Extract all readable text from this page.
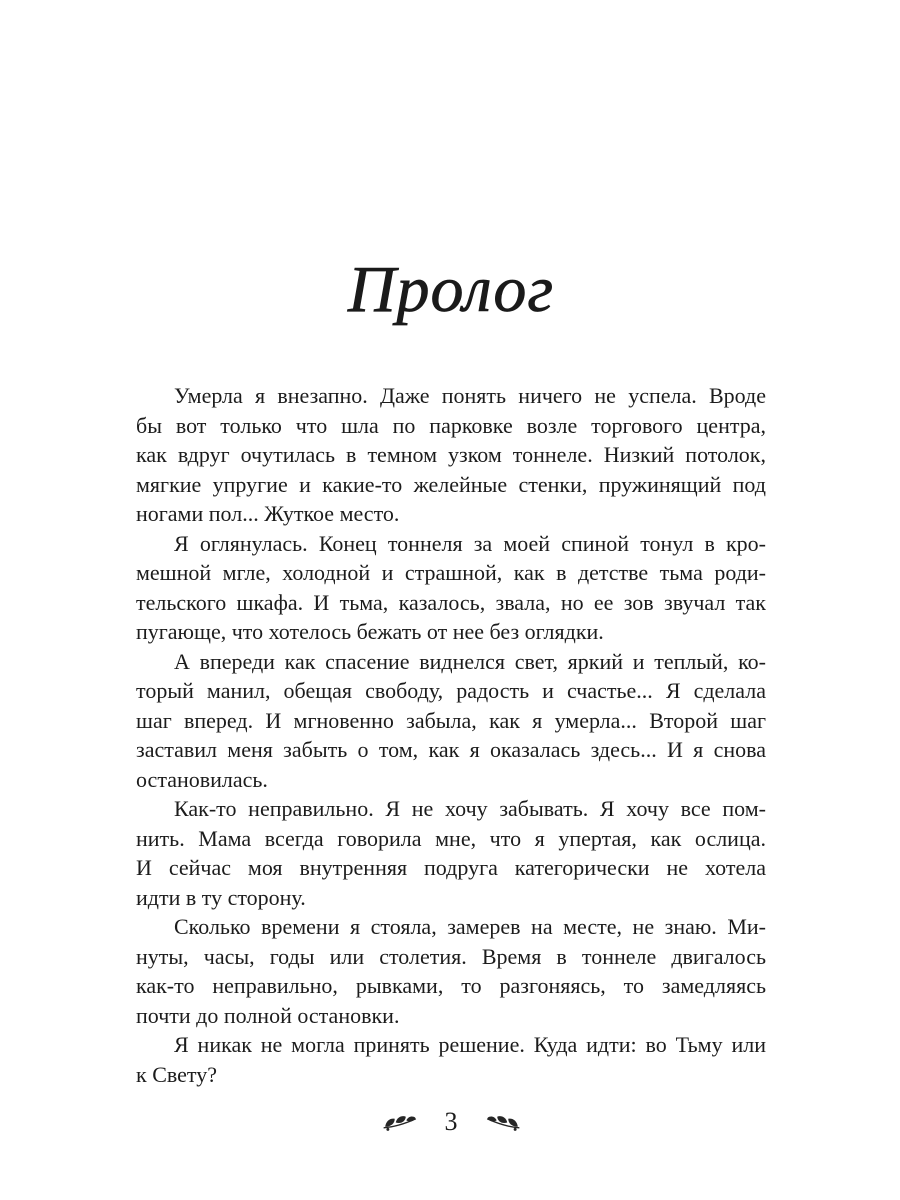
Пролог
Умерла я внезапно. Даже понять ничего не успела. Вроде
бы вот только что шла по парковке возле торгового центра,
как вдруг очутилась в темном узком тоннеле. Низкий потолок,
мягкие упругие и какие-то желейные стенки, пружинящий под
ногами пол... Жуткое место.
Я оглянулась. Конец тоннеля за моей спиной тонул в кро-
мешной мгле, холодной и страшной, как в детстве тьма роди-
тельского шкафа. И тьма, казалось, звала, но ее зов звучал так
пугающе, что хотелось бежать от нее без оглядки.
А впереди как спасение виднелся свет, яркий и теплый, ко-
торый манил, обещая свободу, радость и счастье... Я сделала
шаг вперед. И мгновенно забыла, как я умерла... Второй шаг
заставил меня забыть о том, как я оказалась здесь... И я снова
остановилась.
Как-то неправильно. Я не хочу забывать. Я хочу все пом-
нить. Мама всегда говорила мне, что я упертая, как ослица.
И сейчас моя внутренняя подруга категорически не хотела
идти в ту сторону.
Сколько времени я стояла, замерев на месте, не знаю. Ми-
нуты, часы, годы или столетия. Время в тоннеле двигалось
как-то неправильно, рывками, то разгоняясь, то замедляясь
почти до полной остановки.
Я никак не могла принять решение. Куда идти: во Тьму или
к Свету?
3
